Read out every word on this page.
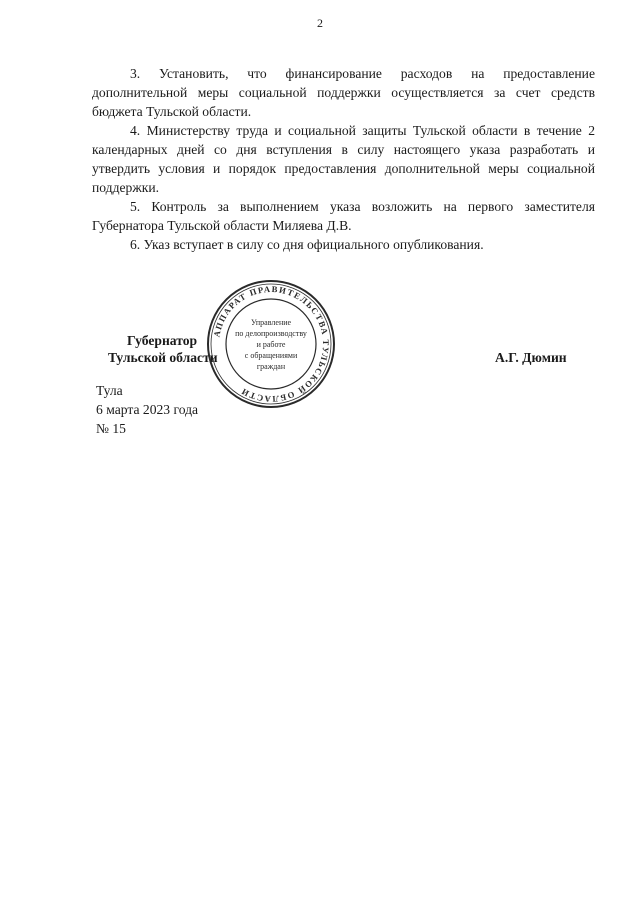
2

3. Установить, что финансирование расходов на предоставление дополнительной меры социальной поддержки осуществляется за счет средств бюджета Тульской области.

4. Министерству труда и социальной защиты Тульской области в течение 2 календарных дней со дня вступления в силу настоящего указа разработать и утвердить условия и порядок предоставления дополнительной меры социальной поддержки.

5. Контроль за выполнением указа возложить на первого заместителя Губернатора Тульской области Миляева Д.В.

6. Указ вступает в силу со дня официального опубликования.

Губернатор
Тульской области	А.Г. Дюмин
АППАРАТ ПРАВИТЕЛЬСТВА ТУЛЬСКОЙ ОБЛАСТИ
Управление
по делопроизводству
и работе
с обращениями
граждан
Тула
6 марта 2023 года
№ 15
